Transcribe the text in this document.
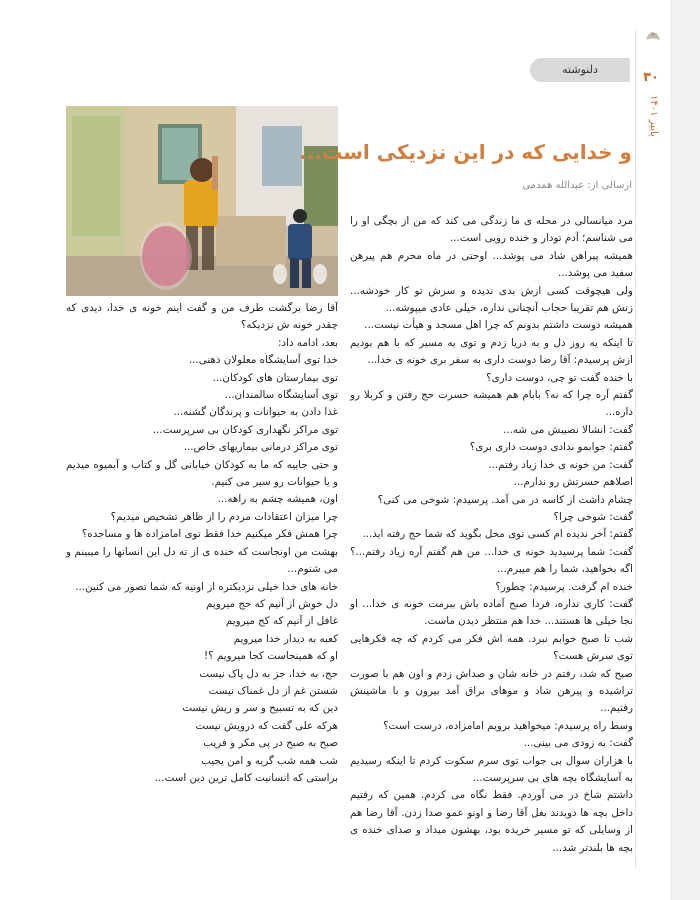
۳۰
پاییز ۱۴۰۱
دلنوشته
و خدایی که در این نزدیکی است...
ارسالی از: عبدالله همدمی

مرد میانسالی در محله ی ما زندگی می کند که من از بچگی او را می شناسم؛ آدم تودار و خنده رویی است...

همیشه پیراهن شاد می پوشد... اوحتی در ماه محرم هم پیرهن سفید می پوشد...

ولی هیچوقت کسی ازش بدی ندیده و سرش تو کار خودشه... زنش هم تقریبا حجاب آنچنانی نداره، خیلی عادی میپوشه...

همیشه دوست داشتم بدونم که چرا اهل مسجد و هیأت نیست...

تا اینکه یه روز دل و به دریا زدم و توی یه مسیر که با هم بودیم ازش پرسیدم: آقا رضا دوست داری به سفر بری خونه ی خدا...

با خنده گفت تو چی، دوست داری؟

گفتم آره چرا که نه؟ بابام هم همیشه حسرت حج رفتن و کربلا رو داره...

گفت: انشالا نصیبش می شه...

گفتم: جوابمو ندادی دوست داری بری؟

گفت: من خونه ی خدا زیاد رفتم...

اصلاهم حسرتش رو ندارم...

چشام داشت از کاسه در می آمد. پرسیدم: شوخی می کنی؟

گفت: شوخی چرا؟

گفتم: آخر ندیده ام کسی توی محل بگوید که شما حج رفته اید...

گفت: شما پرسیدید خونه ی خدا... من هم گفتم آره زیاد رفتم...؟ اگه بخواهید، شما را هم میبرم...

خنده ام گرفت. پرسیدم: چطور؟

گفت: کاری نداره، فردا صبح آماده باش ببرمت خونه ی خدا... او نجا خیلی ها هستند... خدا هم منتظر دیدن ماست.

شب تا صبح خوابم نبرد. همه اش فکر می کردم که چه فکرهایی توی سرش هست؟

صبح که شد، رفتم در خانه شان و صداش زدم و اون هم با صورت تراشیده و پیرهن شاد و موهای براق آمد بیرون و با ماشینش رفتیم...

وسط راه پرسیدم: میخواهید برویم امامزاده، درست است؟

گفت: به زودی می بینی...

با هزاران سوال بی جواب توی سرم سکوت کردم تا اینکه رسیدیم به آسایشگاه بچه های بی سرپرست...

داشتم شاخ در می آوردم. فقط نگاه می کردم. همین که رفتیم داخل بچه ها دویدند بغل آقا رضا و اونو عمو صدا زدن. آقا رضا هم از وسایلی که تو مسیر خریده بود، بهشون میداد و صدای خنده ی بچه ها بلندتر شد...

آقا رضا برگشت طرف من و گفت اینم خونه ی خدا، دیدی که چقدر خونه ش نزدیکه؟

بعد، ادامه داد:

خدا توی آسایشگاه معلولان ذهنی...

توی بیمارستان های کودکان...

توی آسایشگاه سالمندان...

غذا دادن به حیوانات و پرندگان گشنه...

توی مراکز نگهداری کودکان بی سرپرست...

توی مراکز درمانی بیماریهای خاص...

و حتی جاییه که ما به کودکان خیابانی گل و کتاب و آبمیوه میدیم و یا حیوانات رو سیر می کنیم.

اون، همیشه چشم به راهه...

چرا میزان اعتقادات مردم را از ظاهر تشخیص میدیم؟

چرا همش فکر میکنیم خدا فقط توی امامزاده ها و مساجده؟

بهشت من اونجاست که خنده ی از ته دل این انسانها را میبینم و می شنوم...

خانه های خدا خیلی نزدیکتره از اونیه که شما تصور می کنین...

دل خوش از آنیم که حج میرویم

غافل از آنیم که کج میرویم

کعبه به دیدار خدا میرویم

او که همینجاست کجا میرویم ؟!

حج، به خدا، جز به دل پاک نیست

شستن غم از دل غمناک نیست

دین که به تسبیح و سر و ریش نیست

هرکه علی گفت که درویش نیست

صبح به صبح در پی مکر و فریب

شب همه شب گریه و امن یجیب

براستی که انسانیت کامل ترین دین است...
